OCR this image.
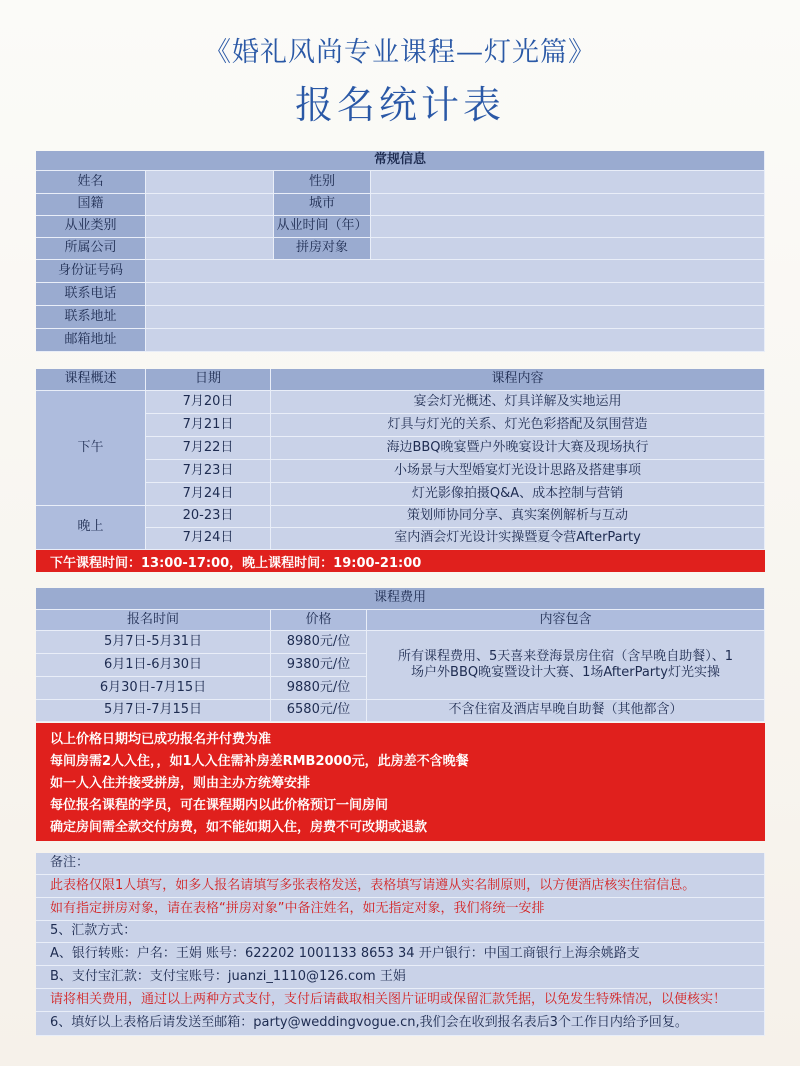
《婚礼风尚专业课程—灯光篇》
报名统计表
常规信息
姓名	性别
国籍	城市
从业类别	从业时间（年）
所属公司	拼房对象
身份证号码
联系电话
联系地址
邮箱地址
课程概述	日期	课程内容
下午
7月20日	宴会灯光概述、灯具详解及实地运用
7月21日	灯具与灯光的关系、灯光色彩搭配及氛围营造
7月22日	海边BBQ晚宴暨户外晚宴设计大赛及现场执行
7月23日	小场景与大型婚宴灯光设计思路及搭建事项
7月24日	灯光影像拍摄Q&A、成本控制与营销
晚上
20-23日	策划师协同分享、真实案例解析与互动
7月24日	室内酒会灯光设计实操暨夏令营AfterParty
下午课程时间：13:00-17:00，晚上课程时间：19:00-21:00
课程费用
报名时间	价格	内容包含
5月7日-5月31日	8980元/位
6月1日-6月30日	9380元/位
6月30日-7月15日	9880元/位
所有课程费用、5天喜来登海景房住宿（含早晚自助餐）、1场户外BBQ晚宴暨设计大赛、1场AfterParty灯光实操
5月7日-7月15日	6580元/位	不含住宿及酒店早晚自助餐（其他都含）
以上价格日期均已成功报名并付费为准
每间房需2人入住，，如1人入住需补房差RMB2000元，此房差不含晚餐
如一人入住并接受拼房，则由主办方统筹安排
每位报名课程的学员，可在课程期内以此价格预订一间房间
确定房间需全款交付房费，如不能如期入住，房费不可改期或退款
备注：
此表格仅限1人填写，如多人报名请填写多张表格发送，表格填写请遵从实名制原则，以方便酒店核实住宿信息。
如有指定拼房对象，请在表格“拼房对象”中备注姓名，如无指定对象，我们将统一安排
5、汇款方式：
A、银行转账：户名：王娟 账号：622202 1001133 8653 34 开户银行：中国工商银行上海余姚路支
B、支付宝汇款：支付宝账号：juanzi_1110@126.com 王娟
请将相关费用，通过以上两种方式支付，支付后请截取相关图片证明或保留汇款凭据，以免发生特殊情况，以便核实！
6、填好以上表格后请发送至邮箱：party@weddingvogue.cn,我们会在收到报名表后3个工作日内给予回复。
